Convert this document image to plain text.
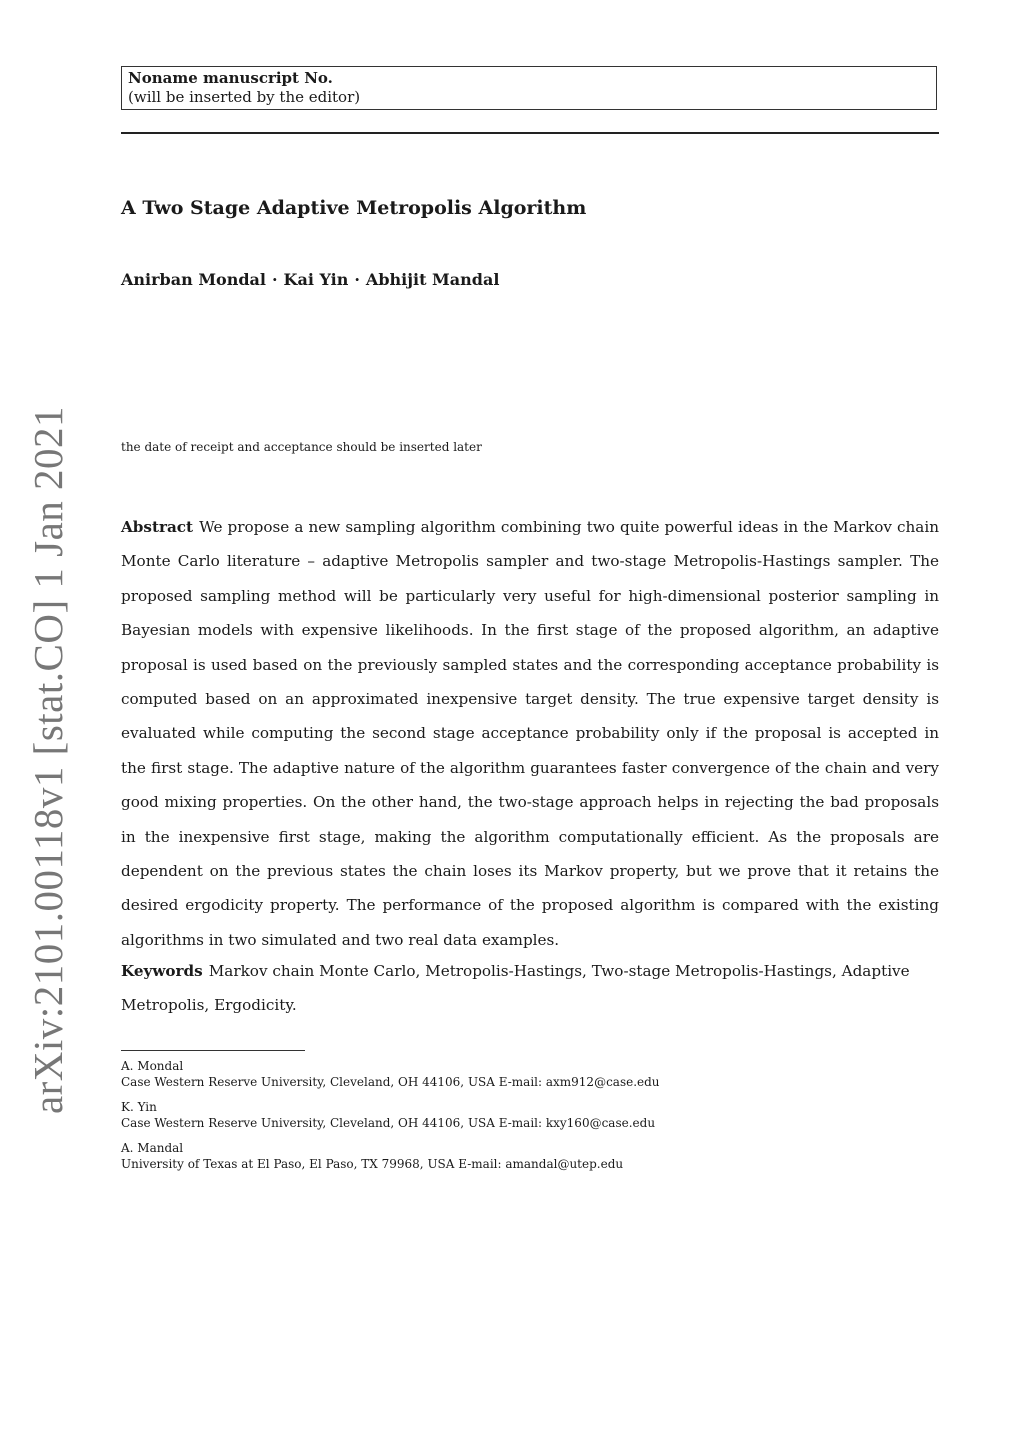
arXiv:2101.00118v1 [stat.CO] 1 Jan 2021
Noname manuscript No.
(will be inserted by the editor)
A Two Stage Adaptive Metropolis Algorithm
Anirban Mondal · Kai Yin · Abhijit Mandal
the date of receipt and acceptance should be inserted later
Abstract We propose a new sampling algorithm combining two quite powerful ideas in the Markov chain Monte Carlo literature – adaptive Metropolis sampler and two-stage Metropolis-Hastings sampler. The proposed sampling method will be particularly very useful for high-dimensional posterior sampling in Bayesian models with expensive likelihoods. In the first stage of the proposed algorithm, an adaptive proposal is used based on the previously sampled states and the corresponding acceptance probability is computed based on an approximated inexpensive target density. The true expensive target density is evaluated while computing the second stage acceptance probability only if the proposal is accepted in the first stage. The adaptive nature of the algorithm guarantees faster convergence of the chain and very good mixing properties. On the other hand, the two-stage approach helps in rejecting the bad proposals in the inexpensive first stage, making the algorithm computationally efficient. As the proposals are dependent on the previous states the chain loses its Markov property, but we prove that it retains the desired ergodicity property. The performance of the proposed algorithm is compared with the existing algorithms in two simulated and two real data examples.
Keywords Markov chain Monte Carlo, Metropolis-Hastings, Two-stage Metropolis-Hastings, Adaptive Metropolis, Ergodicity.
A. Mondal
Case Western Reserve University, Cleveland, OH 44106, USA E-mail: axm912@case.edu
K. Yin
Case Western Reserve University, Cleveland, OH 44106, USA E-mail: kxy160@case.edu
A. Mandal
University of Texas at El Paso, El Paso, TX 79968, USA E-mail: amandal@utep.edu
